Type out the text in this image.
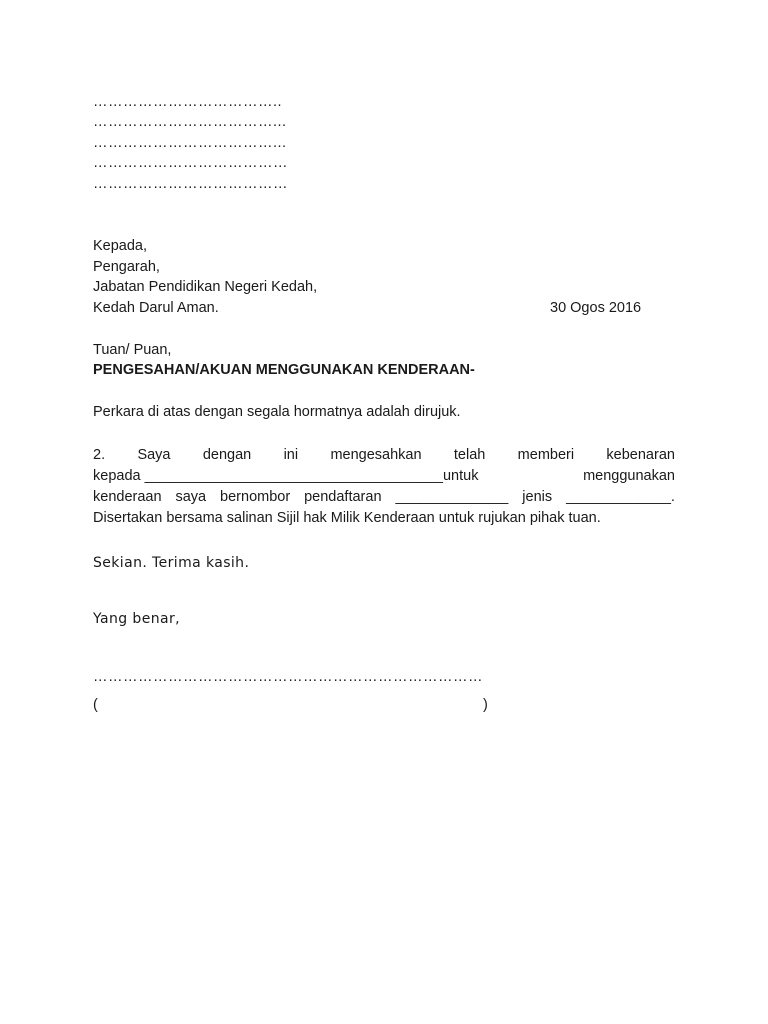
………………………………..
………………………………...
………………………………...
…………………………………
…………………………………
Kepada,
Pengarah,
Jabatan Pendidikan Negeri Kedah,
Kedah Darul Aman.	30 Ogos 2016
Tuan/ Puan,
PENGESAHAN/AKUAN MENGGUNAKAN KENDERAAN-
Perkara di atas dengan segala hormatnya adalah dirujuk.
2. Saya dengan ini mengesahkan telah memberi kebenaran
kepada _____________________________________untuk	menggunakan
kenderaan saya bernombor pendaftaran ______________ jenis _____________.
Disertakan bersama salinan Sijil hak Milik Kenderaan untuk rujukan pihak tuan.
Sekian. Terima kasih.
Yang benar,
……………………………………………………………………
(	)
